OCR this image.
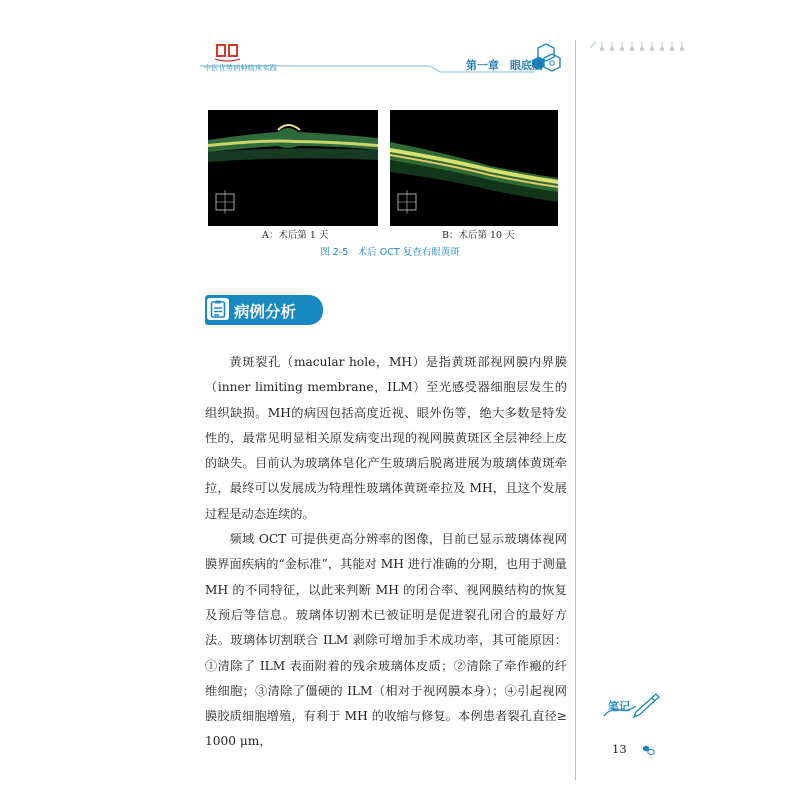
中医优势病种临床实践	第一章　眼底病
A：术后第 1 天	B：术后第 10 天
图 2-5　术后 OCT 复查右眼黄斑
病例分析

黄斑裂孔（macular hole，MH）是指黄斑部视网膜内界膜（inner limiting membrane，ILM）至光感受器细胞层发生的组织缺损。MH的病因包括高度近视、眼外伤等，绝大多数是特发性的，最常见明显相关原发病变出现的视网膜黄斑区全层神经上皮的缺失。目前认为玻璃体皂化产生玻璃后脱离进展为玻璃体黄斑牵拉，最终可以发展成为特理性玻璃体黄斑牵拉及 MH，且这个发展过程是动态连续的。

频域 OCT 可提供更高分辨率的图像，目前已显示玻璃体视网膜界面疾病的“金标准”，其能对 MH 进行准确的分期，也用于测量 MH 的不同特征，以此来判断 MH 的闭合率、视网膜结构的恢复及预后等信息。玻璃体切割术已被证明是促进裂孔闭合的最好方法。玻璃体切割联合 ILM 剥除可增加手术成功率，其可能原因：①清除了 ILM 表面附着的残余玻璃体皮质；②清除了牵作瘢的纤维细胞；③清除了僵硬的 ILM（相对于视网膜本身）；④引起视网膜胶质细胞增殖，有利于 MH 的收缩与修复。本例患者裂孔直径≥ 1000 μm，

笔记
13
